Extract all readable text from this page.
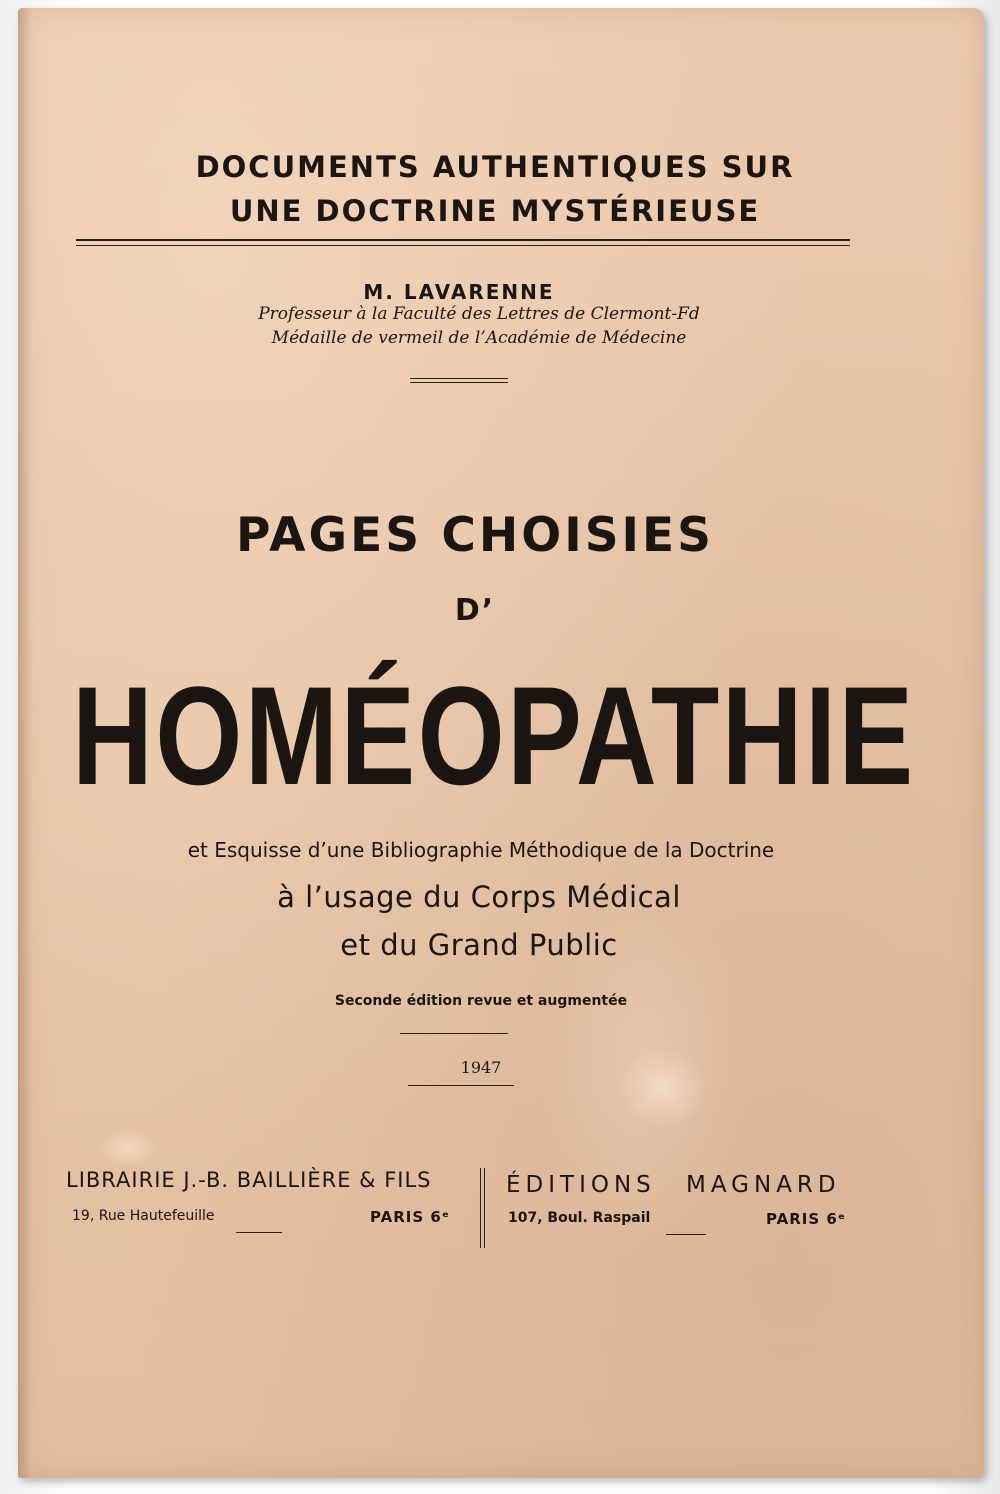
DOCUMENTS AUTHENTIQUES SUR
UNE DOCTRINE MYSTÉRIEUSE
M. LAVARENNE
Professeur à la Faculté des Lettres de Clermont-Fd
Médaille de vermeil de l’Académie de Médecine
PAGES CHOISIES
D’
HOMÉOPATHIE
et Esquisse d’une Bibliographie Méthodique de la Doctrine
à l’usage du Corps Médical
et du Grand Public
Seconde édition revue et augmentée
1947
LIBRAIRIE J.-B. BAILLIÈRE & FILS
19, Rue Hautefeuille	PARIS 6ᵉ
ÉDITIONS MAGNARD
107, Boul. Raspail	PARIS 6ᵉ
